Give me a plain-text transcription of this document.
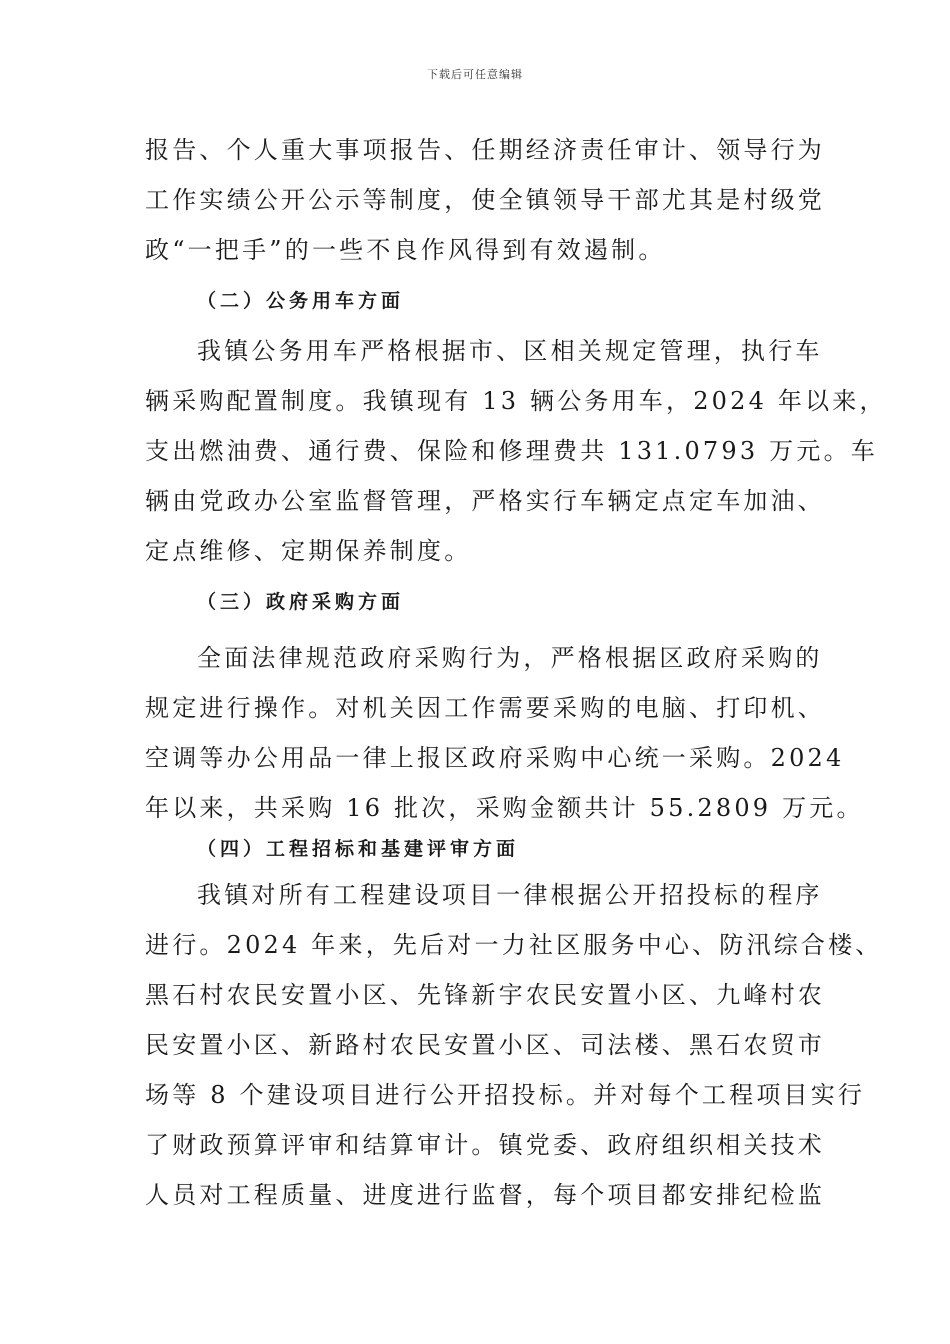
下载后可任意编辑
报告、个人重大事项报告、任期经济责任审计、领导行为
工作实绩公开公示等制度，使全镇领导干部尤其是村级党
政“一把手”的一些不良作风得到有效遏制。
（二）公务用车方面
我镇公务用车严格根据市、区相关规定管理，执行车
辆采购配置制度。我镇现有 13 辆公务用车，2024 年以来，
支出燃油费、通行费、保险和修理费共 131.0793 万元。车
辆由党政办公室监督管理，严格实行车辆定点定车加油、
定点维修、定期保养制度。
（三）政府采购方面
全面法律规范政府采购行为，严格根据区政府采购的
规定进行操作。对机关因工作需要采购的电脑、打印机、
空调等办公用品一律上报区政府采购中心统一采购。2024
年以来，共采购 16 批次，采购金额共计 55.2809 万元。
（四）工程招标和基建评审方面
我镇对所有工程建设项目一律根据公开招投标的程序
进行。2024 年来，先后对一力社区服务中心、防汛综合楼、
黑石村农民安置小区、先锋新宇农民安置小区、九峰村农
民安置小区、新路村农民安置小区、司法楼、黑石农贸市
场等 8 个建设项目进行公开招投标。并对每个工程项目实行
了财政预算评审和结算审计。镇党委、政府组织相关技术
人员对工程质量、进度进行监督，每个项目都安排纪检监
